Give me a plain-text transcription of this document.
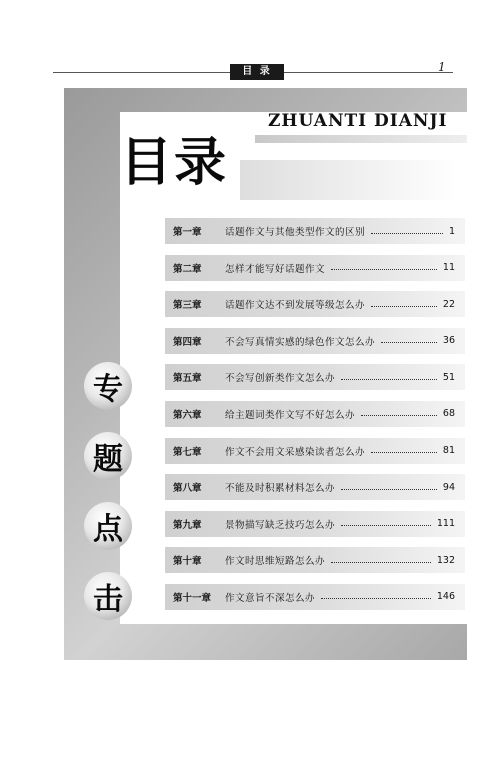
目 录	1
ZHUANTI DIANJI
目录
第一章	话题作文与其他类型作文的区别	1
第二章	怎样才能写好话题作文	11
第三章	话题作文达不到发展等级怎么办	22
第四章	不会写真情实感的绿色作文怎么办	36
第五章	不会写创新类作文怎么办	51
第六章	给主题词类作文写不好怎么办	68
第七章	作文不会用文采感染读者怎么办	81
第八章	不能及时积累材料怎么办	94
第九章	景物描写缺乏技巧怎么办	111
第十章	作文时思维短路怎么办	132
第十一章	作文意旨不深怎么办	146
专
题
点
击
